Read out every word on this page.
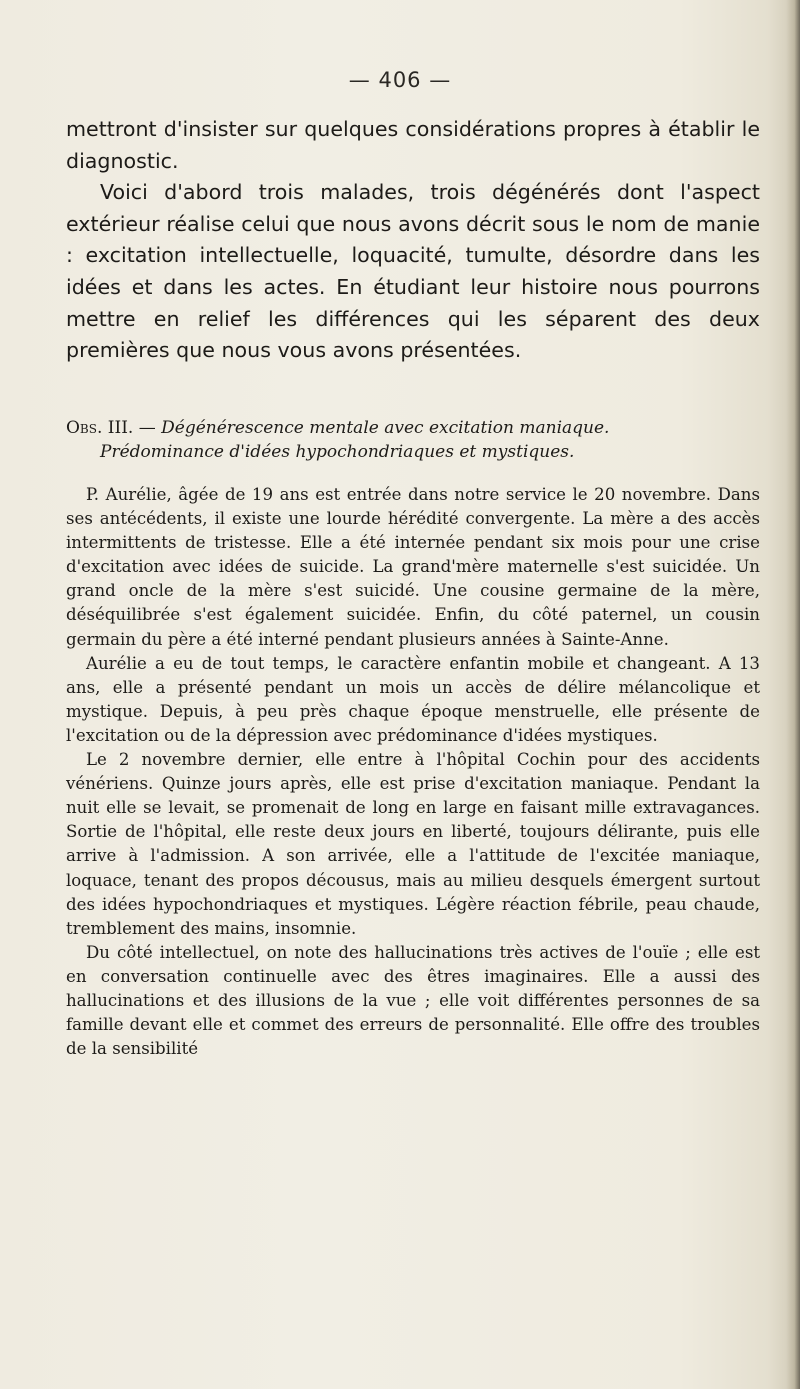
— 406 —

mettront d'insister sur quelques considérations propres à établir le diagnostic.

Voici d'abord trois malades, trois dégénérés dont l'aspect extérieur réalise celui que nous avons décrit sous le nom de manie : excitation intellectuelle, loquacité, tumulte, désordre dans les idées et dans les actes. En étudiant leur histoire nous pourrons mettre en relief les différences qui les séparent des deux premières que nous vous avons présentées.

Obs. III. — Dégénérescence mentale avec excitation maniaque.
Prédominance d'idées hypochondriaques et mystiques.

P. Aurélie, âgée de 19 ans est entrée dans notre service le 20 novembre. Dans ses antécédents, il existe une lourde hérédité convergente. La mère a des accès intermittents de tristesse. Elle a été internée pendant six mois pour une crise d'excitation avec idées de suicide. La grand'mère maternelle s'est suicidée. Un grand oncle de la mère s'est suicidé. Une cousine germaine de la mère, déséquilibrée s'est également suicidée. Enfin, du côté paternel, un cousin germain du père a été interné pendant plusieurs années à Sainte-Anne.

Aurélie a eu de tout temps, le caractère enfantin mobile et changeant. A 13 ans, elle a présenté pendant un mois un accès de délire mélancolique et mystique. Depuis, à peu près chaque époque menstruelle, elle présente de l'excitation ou de la dépression avec prédominance d'idées mystiques.

Le 2 novembre dernier, elle entre à l'hôpital Cochin pour des accidents vénériens. Quinze jours après, elle est prise d'excitation maniaque. Pendant la nuit elle se levait, se promenait de long en large en faisant mille extravagances. Sortie de l'hôpital, elle reste deux jours en liberté, toujours délirante, puis elle arrive à l'admission. A son arrivée, elle a l'attitude de l'excitée maniaque, loquace, tenant des propos décousus, mais au milieu desquels émergent surtout des idées hypochondriaques et mystiques. Légère réaction fébrile, peau chaude, tremblement des mains, insomnie.

Du côté intellectuel, on note des hallucinations très actives de l'ouïe ; elle est en conversation continuelle avec des êtres imaginaires. Elle a aussi des hallucinations et des illusions de la vue ; elle voit différentes personnes de sa famille devant elle et commet des erreurs de personnalité. Elle offre des troubles de la sensibilité
